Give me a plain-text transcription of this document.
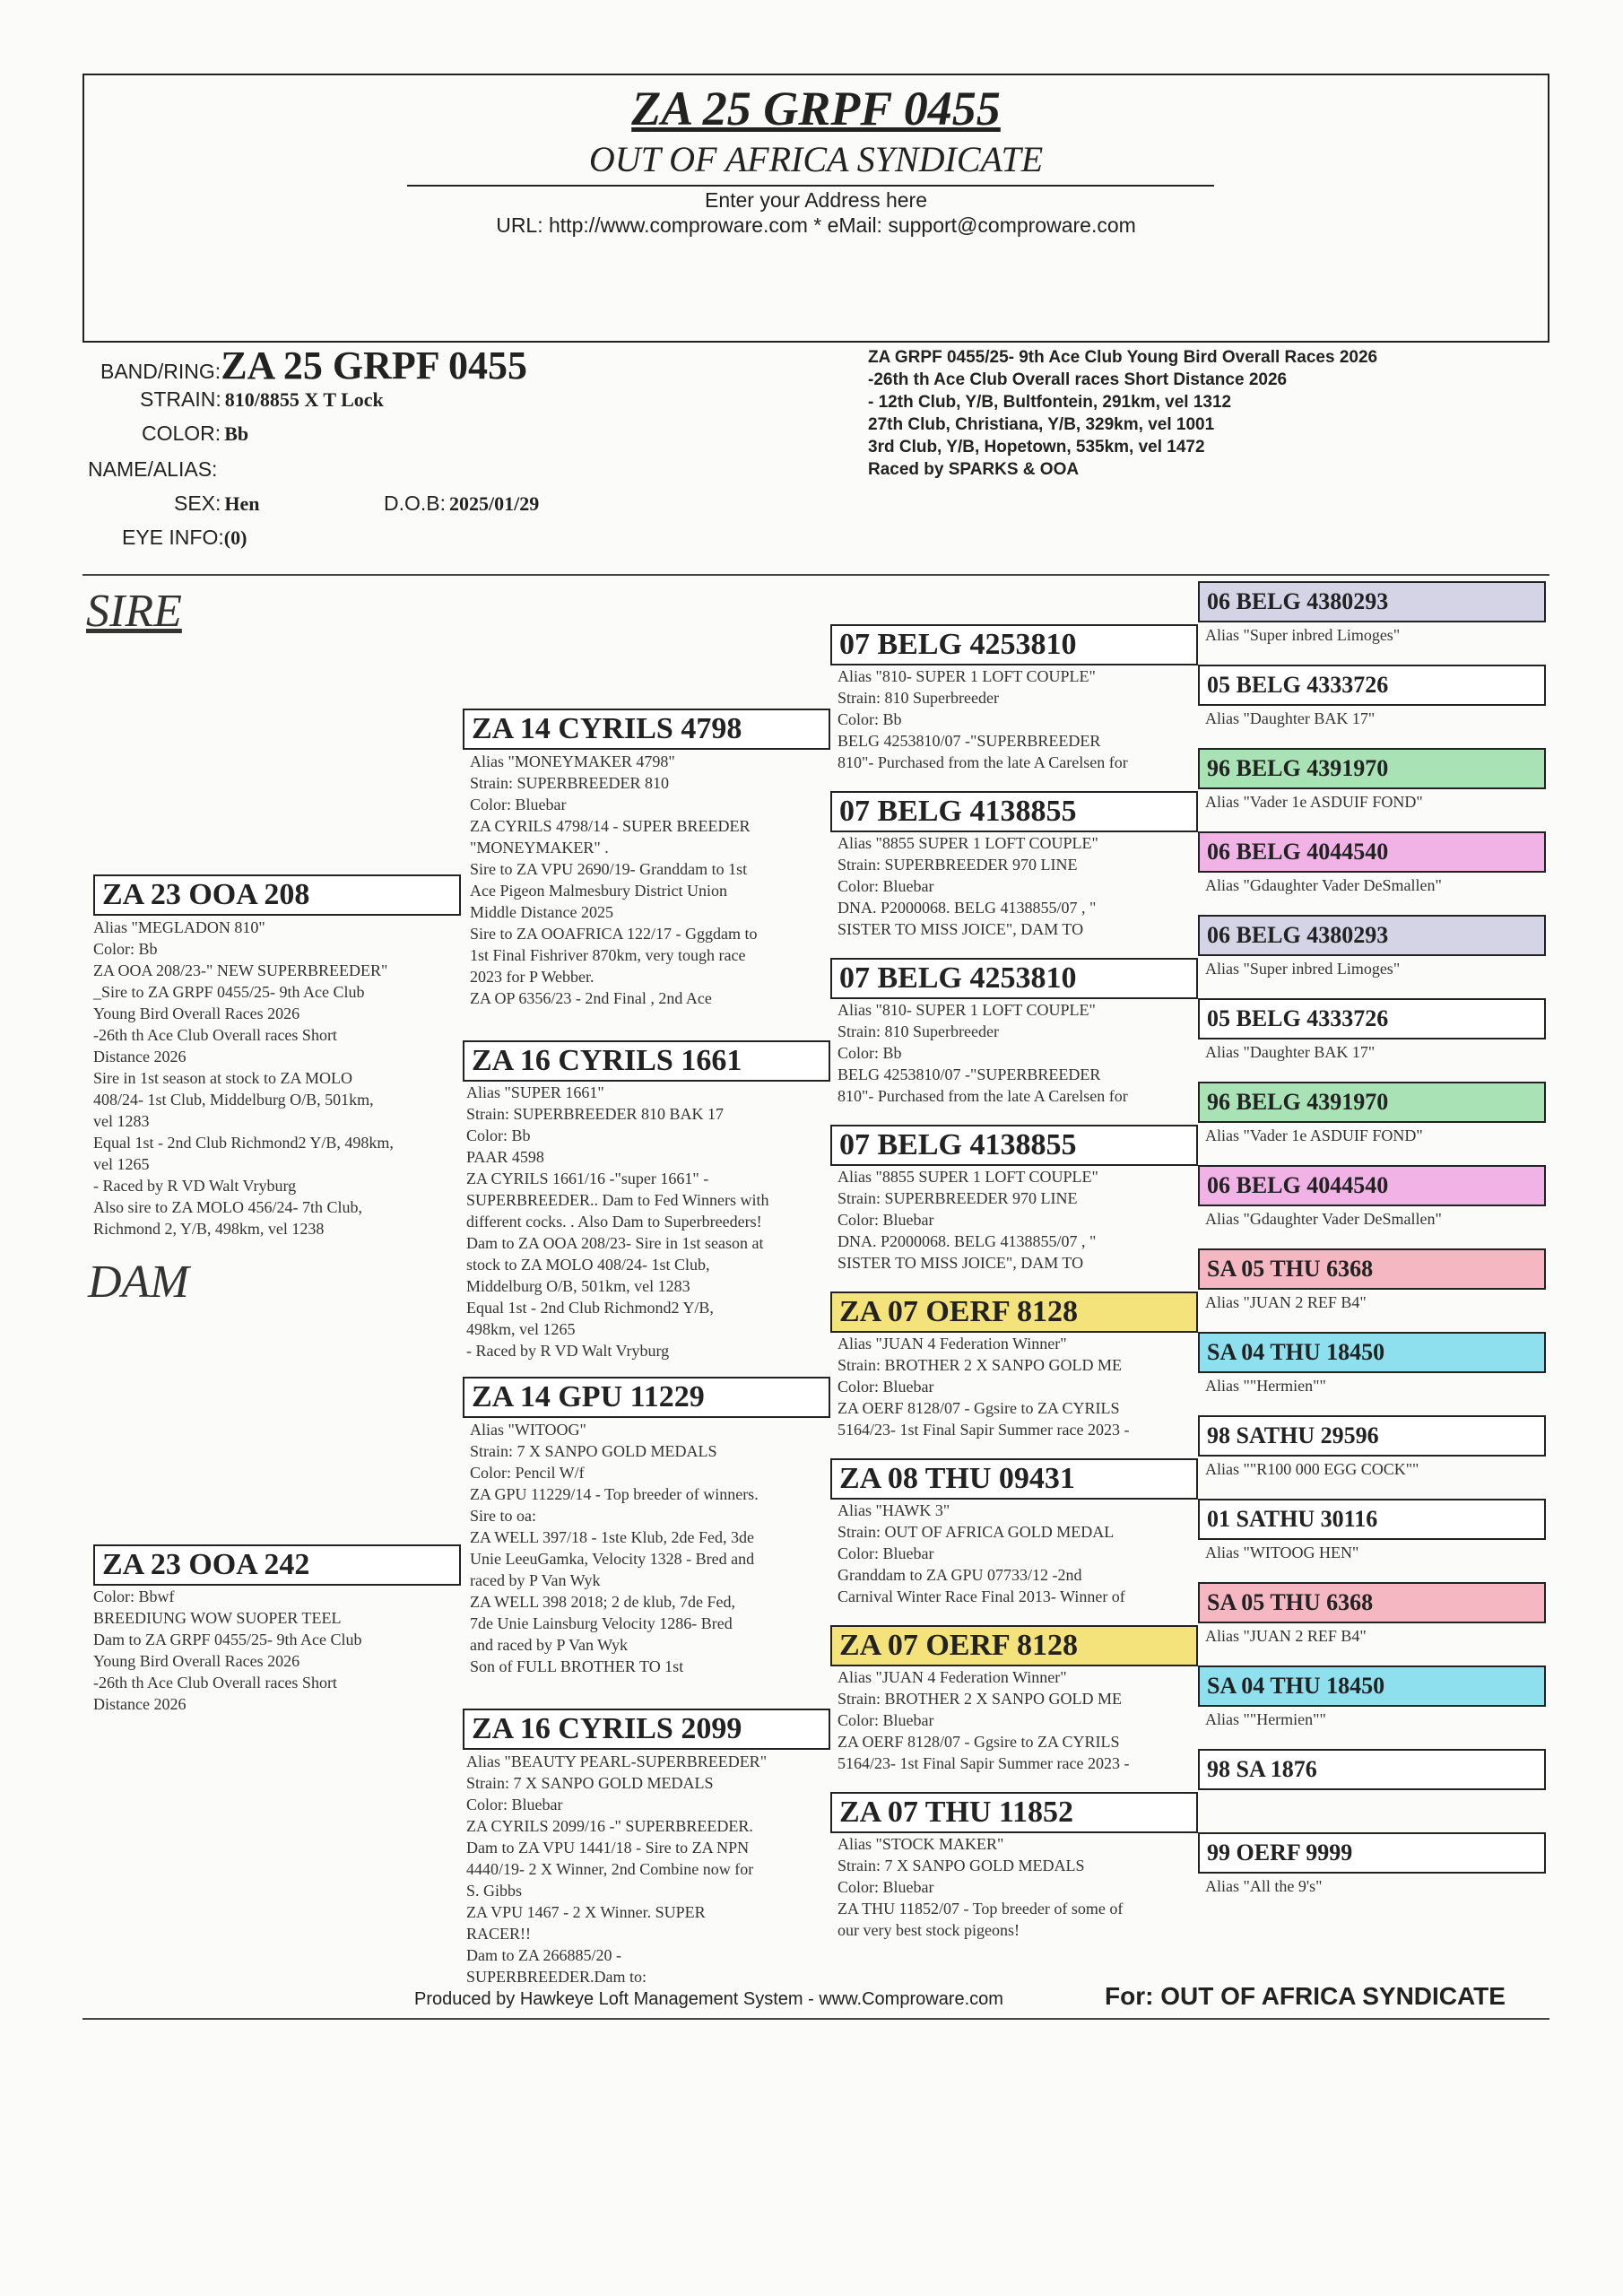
ZA 25 GRPF 0455
OUT OF AFRICA SYNDICATE
Enter your Address here
URL: http://www.comproware.com * eMail: support@comproware.com
BAND/RING:ZA 25 GRPF 0455
STRAIN: 810/8855 X T Lock
COLOR: Bb
NAME/ALIAS:
SEX: Hen	D.O.B: 2025/01/29
EYE INFO:(0)
ZA GRPF 0455/25- 9th Ace Club Young Bird Overall Races 2026
-26th th Ace Club Overall races Short Distance 2026
- 12th Club, Y/B, Bultfontein, 291km, vel 1312
27th Club, Christiana, Y/B, 329km, vel 1001
3rd Club, Y/B, Hopetown, 535km, vel 1472
Raced by SPARKS & OOA
SIRE
DAM
ZA 23 OOA 208
Alias "MEGLADON 810"
Color: Bb
ZA OOA 208/23-" NEW SUPERBREEDER"
_Sire to ZA GRPF 0455/25- 9th Ace Club
Young Bird Overall Races 2026
-26th th Ace Club Overall races Short
Distance 2026
Sire in 1st season at stock to ZA MOLO
408/24- 1st Club, Middelburg O/B, 501km,
vel 1283
Equal 1st - 2nd Club Richmond2 Y/B, 498km,
vel 1265
- Raced by R VD Walt Vryburg
Also sire to ZA MOLO 456/24- 7th Club,
Richmond 2, Y/B, 498km, vel 1238
ZA 23 OOA 242
Color: Bbwf
BREEDIUNG WOW SUOPER TEEL
Dam to ZA GRPF 0455/25- 9th Ace Club
Young Bird Overall Races 2026
-26th th Ace Club Overall races Short
Distance 2026
ZA 14 CYRILS 4798
Alias "MONEYMAKER 4798"
Strain: SUPERBREEDER 810
Color: Bluebar
ZA CYRILS 4798/14 - SUPER BREEDER
"MONEYMAKER" .
Sire to ZA VPU 2690/19- Granddam to 1st
Ace Pigeon Malmesbury District Union
Middle Distance 2025
Sire to ZA OOAFRICA 122/17 - Gggdam to
1st Final Fishriver 870km, very tough race
2023 for P Webber.
ZA OP 6356/23 - 2nd Final , 2nd Ace
ZA 16 CYRILS 1661
Alias "SUPER 1661"
Strain: SUPERBREEDER 810 BAK 17
Color: Bb
PAAR 4598
ZA CYRILS 1661/16 -"super 1661" -
SUPERBREEDER.. Dam to Fed Winners with
different cocks. . Also Dam to Superbreeders!
Dam to ZA OOA 208/23- Sire in 1st season at
stock to ZA MOLO 408/24- 1st Club,
Middelburg O/B, 501km, vel 1283
Equal 1st - 2nd Club Richmond2 Y/B,
498km, vel 1265
- Raced by R VD Walt Vryburg
ZA 14 GPU 11229
Alias "WITOOG"
Strain: 7 X SANPO GOLD MEDALS
Color: Pencil W/f
ZA GPU 11229/14 - Top breeder of winners.
Sire to oa:
ZA WELL 397/18 - 1ste Klub, 2de Fed, 3de
Unie LeeuGamka, Velocity 1328 - Bred and
raced by P Van Wyk
ZA WELL 398 2018; 2 de klub, 7de Fed,
7de Unie Lainsburg Velocity 1286- Bred
and raced by P Van Wyk
Son of FULL BROTHER TO 1st
ZA 16 CYRILS 2099
Alias "BEAUTY PEARL-SUPERBREEDER"
Strain: 7 X SANPO GOLD MEDALS
Color: Bluebar
ZA CYRILS 2099/16 -" SUPERBREEDER.
Dam to ZA VPU 1441/18 - Sire to ZA NPN
4440/19- 2 X Winner, 2nd Combine now for
S. Gibbs
ZA VPU 1467 - 2 X Winner. SUPER
RACER!!
Dam to ZA 266885/20 -
SUPERBREEDER.Dam to:
07 BELG 4253810
Alias "810- SUPER 1 LOFT COUPLE"
Strain: 810 Superbreeder
Color: Bb
BELG 4253810/07 -"SUPERBREEDER
810"- Purchased from the late A Carelsen for
07 BELG 4138855
Alias "8855 SUPER 1 LOFT COUPLE"
Strain: SUPERBREEDER 970 LINE
Color: Bluebar
DNA. P2000068. BELG 4138855/07 , "
SISTER TO MISS JOICE", DAM TO
07 BELG 4253810
Alias "810- SUPER 1 LOFT COUPLE"
Strain: 810 Superbreeder
Color: Bb
BELG 4253810/07 -"SUPERBREEDER
810"- Purchased from the late A Carelsen for
07 BELG 4138855
Alias "8855 SUPER 1 LOFT COUPLE"
Strain: SUPERBREEDER 970 LINE
Color: Bluebar
DNA. P2000068. BELG 4138855/07 , "
SISTER TO MISS JOICE", DAM TO
ZA 07 OERF 8128
Alias "JUAN 4 Federation Winner"
Strain: BROTHER 2 X SANPO GOLD ME
Color: Bluebar
ZA OERF 8128/07 - Ggsire to ZA CYRILS
5164/23- 1st Final Sapir Summer race 2023 -
ZA 08 THU 09431
Alias "HAWK 3"
Strain: OUT OF AFRICA GOLD MEDAL
Color: Bluebar
Granddam to ZA GPU 07733/12 -2nd
Carnival Winter Race Final 2013- Winner of
ZA 07 OERF 8128
Alias "JUAN 4 Federation Winner"
Strain: BROTHER 2 X SANPO GOLD ME
Color: Bluebar
ZA OERF 8128/07 - Ggsire to ZA CYRILS
5164/23- 1st Final Sapir Summer race 2023 -
ZA 07 THU 11852
Alias "STOCK MAKER"
Strain: 7 X SANPO GOLD MEDALS
Color: Bluebar
ZA THU 11852/07 - Top breeder of some of
our very best stock pigeons!
06 BELG 4380293
Alias "Super inbred Limoges"
05 BELG 4333726
Alias "Daughter BAK 17"
96 BELG 4391970
Alias "Vader 1e ASDUIF FOND"
06 BELG 4044540
Alias "Gdaughter Vader DeSmallen"
06 BELG 4380293
Alias "Super inbred Limoges"
05 BELG 4333726
Alias "Daughter BAK 17"
96 BELG 4391970
Alias "Vader 1e ASDUIF FOND"
06 BELG 4044540
Alias "Gdaughter Vader DeSmallen"
SA 05 THU 6368
Alias "JUAN 2 REF B4"
SA 04 THU 18450
Alias ""Hermien""
98 SATHU 29596
Alias ""R100 000 EGG COCK""
01 SATHU 30116
Alias "WITOOG HEN"
SA 05 THU 6368
Alias "JUAN 2 REF B4"
SA 04 THU 18450
Alias ""Hermien""
98 SA 1876
99 OERF 9999
Alias "All the 9's"
Produced by Hawkeye Loft Management System - www.Comproware.com	For: OUT OF AFRICA SYNDICATE
